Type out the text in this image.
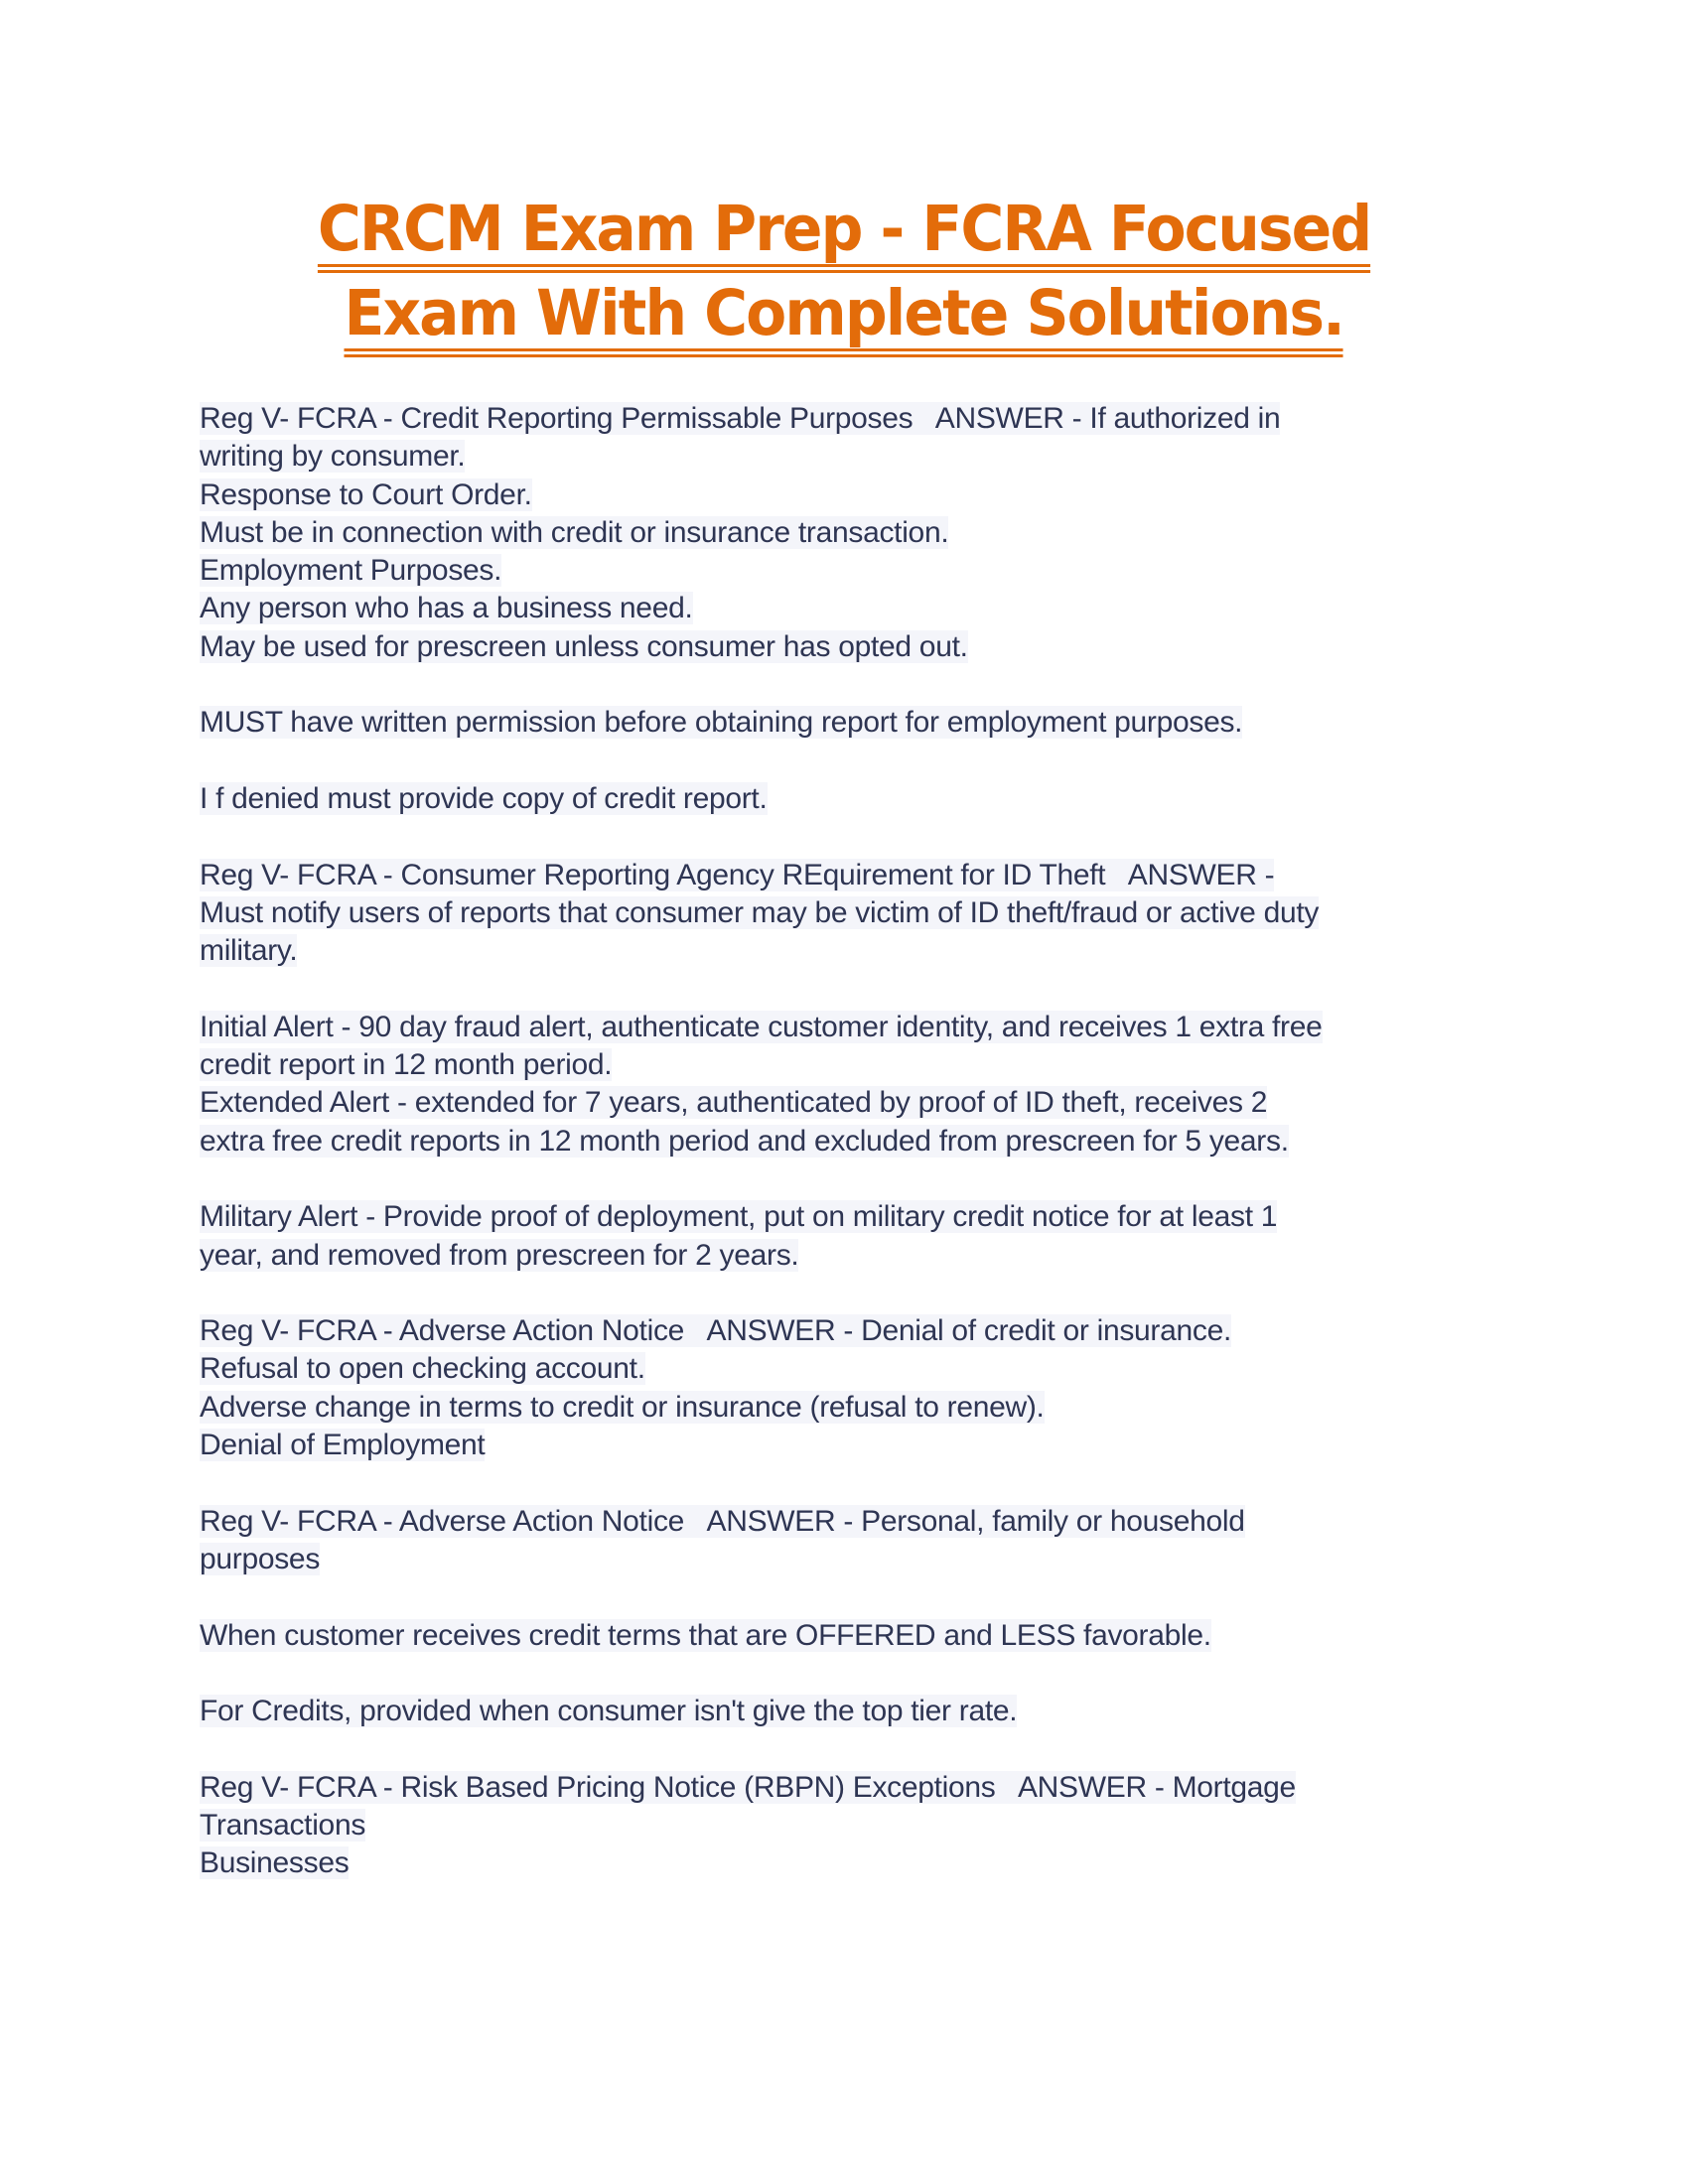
CRCM Exam Prep - FCRA Focused
Exam With Complete Solutions.
Reg V- FCRA - Credit Reporting Permissable Purposes   ANSWER - If authorized in
writing by consumer.
Response to Court Order.
Must be in connection with credit or insurance transaction.
Employment Purposes.
Any person who has a business need.
May be used for prescreen unless consumer has opted out.
MUST have written permission before obtaining report for employment purposes.
I f denied must provide copy of credit report.
Reg V- FCRA - Consumer Reporting Agency REquirement for ID Theft   ANSWER -
Must notify users of reports that consumer may be victim of ID theft/fraud or active duty
military.
Initial Alert - 90 day fraud alert, authenticate customer identity, and receives 1 extra free
credit report in 12 month period.
Extended Alert - extended for 7 years, authenticated by proof of ID theft, receives 2
extra free credit reports in 12 month period and excluded from prescreen for 5 years.
Military Alert - Provide proof of deployment, put on military credit notice for at least 1
year, and removed from prescreen for 2 years.
Reg V- FCRA - Adverse Action Notice   ANSWER - Denial of credit or insurance.
Refusal to open checking account.
Adverse change in terms to credit or insurance (refusal to renew).
Denial of Employment
Reg V- FCRA - Adverse Action Notice   ANSWER - Personal, family or household
purposes
When customer receives credit terms that are OFFERED and LESS favorable.
For Credits, provided when consumer isn't give the top tier rate.
Reg V- FCRA - Risk Based Pricing Notice (RBPN) Exceptions   ANSWER - Mortgage
Transactions
Businesses
